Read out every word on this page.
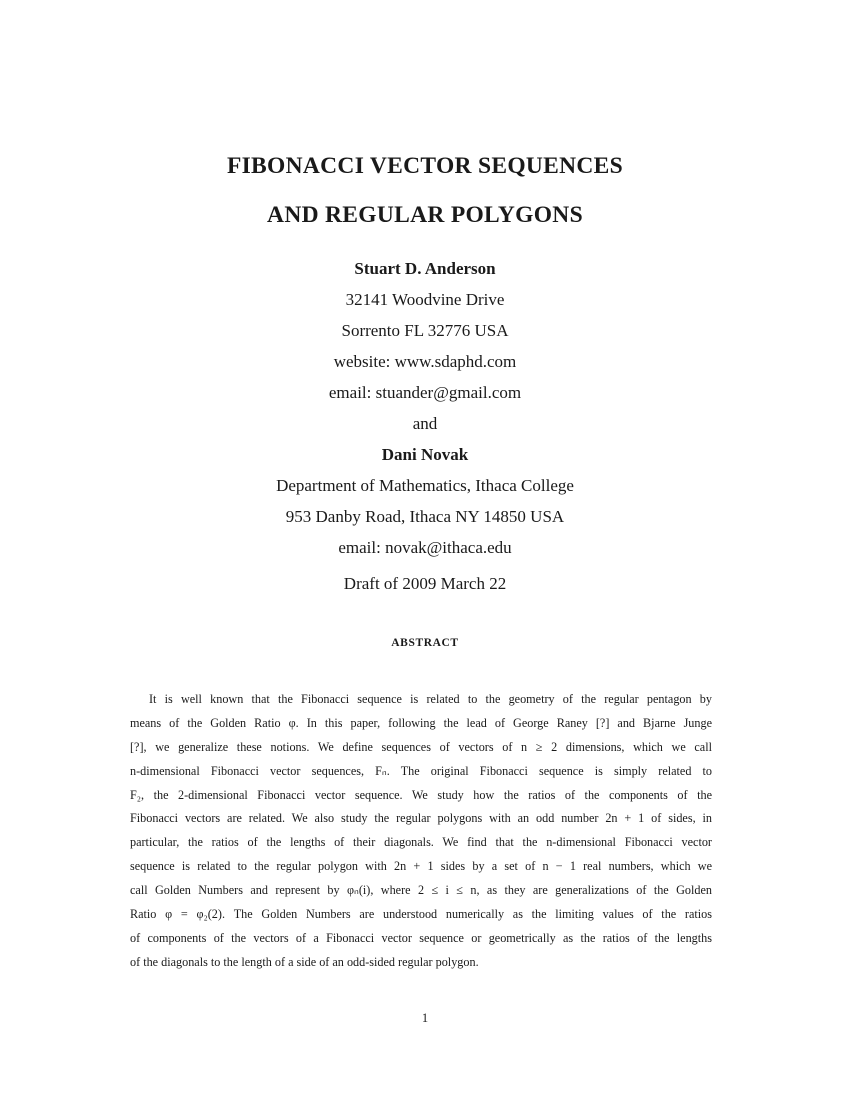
FIBONACCI VECTOR SEQUENCES
AND REGULAR POLYGONS
Stuart D. Anderson
32141 Woodvine Drive
Sorrento FL 32776 USA
website: www.sdaphd.com
email: stuander@gmail.com
and
Dani Novak
Department of Mathematics, Ithaca College
953 Danby Road, Ithaca NY 14850 USA
email: novak@ithaca.edu
Draft of 2009 March 22
ABSTRACT
It is well known that the Fibonacci sequence is related to the geometry of the regular pentagon by
means of the Golden Ratio φ. In this paper, following the lead of George Raney [?] and Bjarne Junge
[?], we generalize these notions. We define sequences of vectors of n ≥ 2 dimensions, which we call
n-dimensional Fibonacci vector sequences, Fₙ. The original Fibonacci sequence is simply related to
F₂, the 2-dimensional Fibonacci vector sequence. We study how the ratios of the components of the
Fibonacci vectors are related. We also study the regular polygons with an odd number 2n + 1 of sides, in
particular, the ratios of the lengths of their diagonals. We find that the n-dimensional Fibonacci vector
sequence is related to the regular polygon with 2n + 1 sides by a set of n − 1 real numbers, which we
call Golden Numbers and represent by φₙ(i), where 2 ≤ i ≤ n, as they are generalizations of the Golden
Ratio φ = φ₂(2). The Golden Numbers are understood numerically as the limiting values of the ratios
of components of the vectors of a Fibonacci vector sequence or geometrically as the ratios of the lengths
of the diagonals to the length of a side of an odd-sided regular polygon.
1
